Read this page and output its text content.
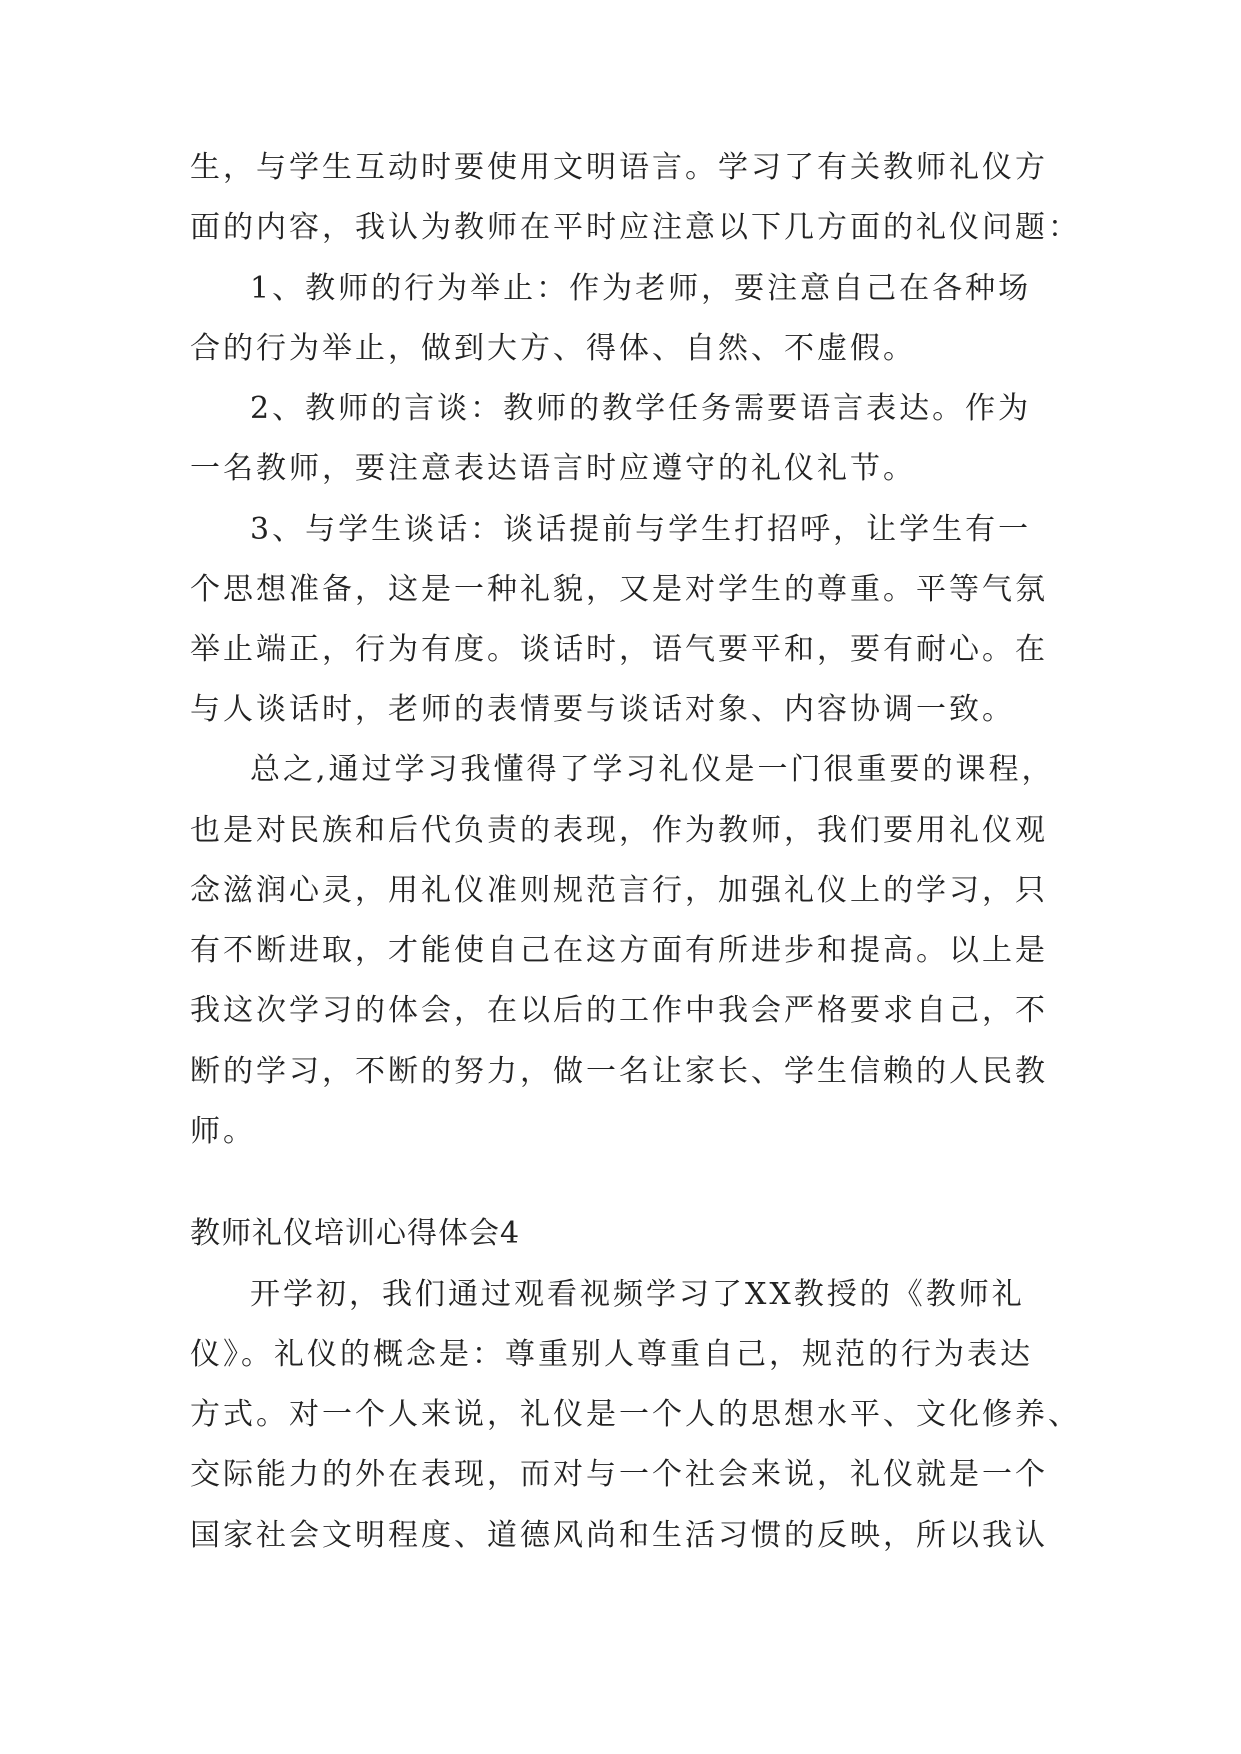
生，与学生互动时要使用文明语言。学习了有关教师礼仪方
面的内容，我认为教师在平时应注意以下几方面的礼仪问题：
1、教师的行为举止：作为老师，要注意自己在各种场
合的行为举止，做到大方、得体、自然、不虚假。
2、教师的言谈：教师的教学任务需要语言表达。作为
一名教师，要注意表达语言时应遵守的礼仪礼节。
3、与学生谈话：谈话提前与学生打招呼，让学生有一
个思想准备，这是一种礼貌，又是对学生的尊重。平等气氛
举止端正，行为有度。谈话时，语气要平和，要有耐心。在
与人谈话时，老师的表情要与谈话对象、内容协调一致。
总之,通过学习我懂得了学习礼仪是一门很重要的课程，
也是对民族和后代负责的表现，作为教师，我们要用礼仪观
念滋润心灵，用礼仪准则规范言行，加强礼仪上的学习，只
有不断进取，才能使自己在这方面有所进步和提高。以上是
我这次学习的体会，在以后的工作中我会严格要求自己，不
断的学习，不断的努力，做一名让家长、学生信赖的人民教
师。
教师礼仪培训心得体会4
开学初，我们通过观看视频学习了XX教授的《教师礼
仪》。礼仪的概念是：尊重别人尊重自己，规范的行为表达
方式。对一个人来说，礼仪是一个人的思想水平、文化修养、
交际能力的外在表现，而对与一个社会来说，礼仪就是一个
国家社会文明程度、道德风尚和生活习惯的反映，所以我认
